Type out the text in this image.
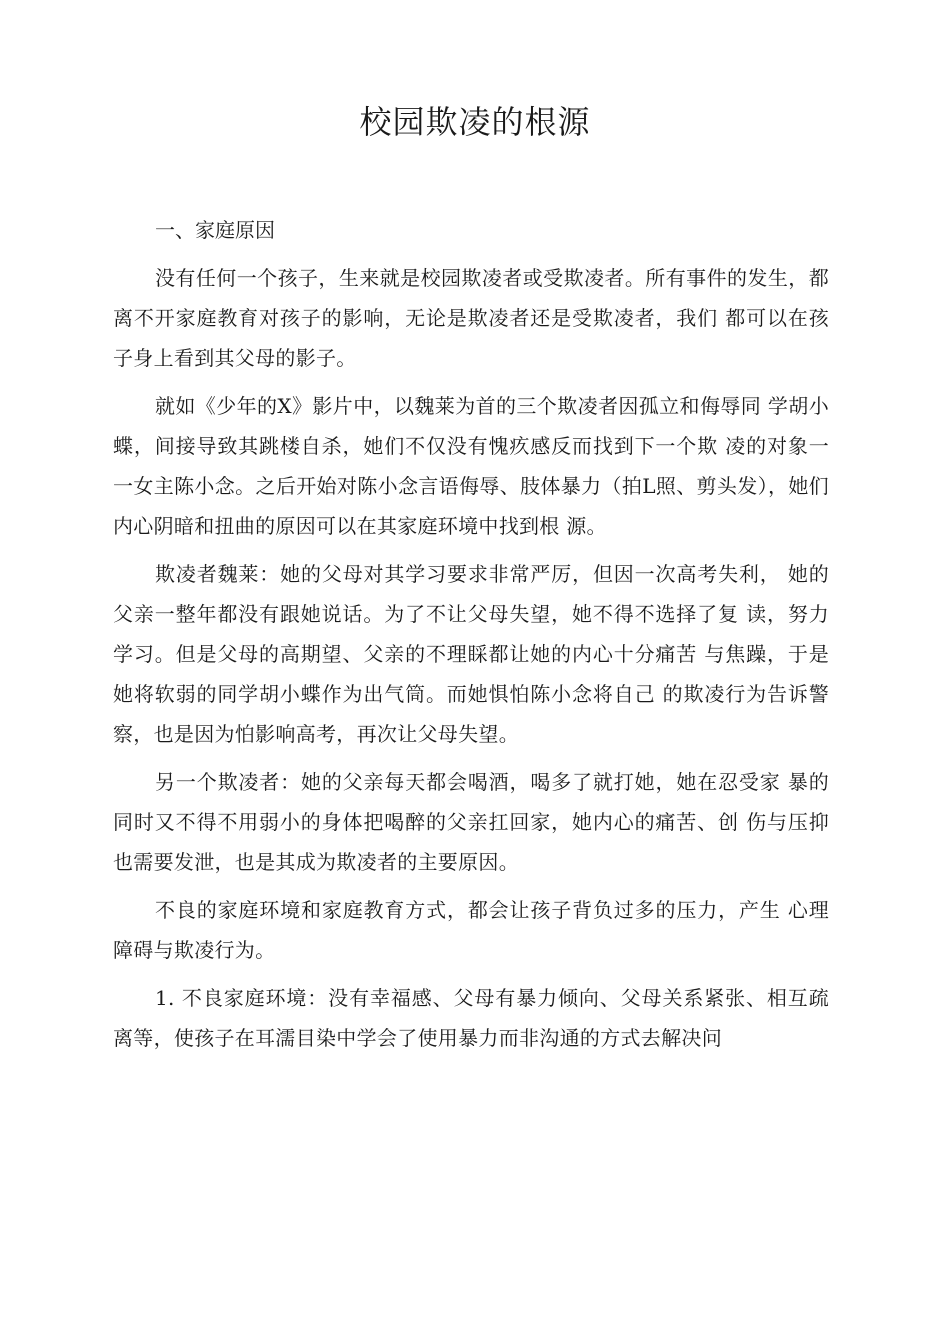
校园欺凌的根源

一、家庭原因

没有任何一个孩子，生来就是校园欺凌者或受欺凌者。所有事件的发生，都离不开家庭教育对孩子的影响，无论是欺凌者还是受欺凌者，我们 都可以在孩子身上看到其父母的影子。

就如《少年的X》影片中，以魏莱为首的三个欺凌者因孤立和侮辱同 学胡小蝶，间接导致其跳楼自杀，她们不仅没有愧疚感反而找到下一个欺 凌的对象一一女主陈小念。之后开始对陈小念言语侮辱、肢体暴力（拍L照、剪头发），她们内心阴暗和扭曲的原因可以在其家庭环境中找到根 源。

欺凌者魏莱：她的父母对其学习要求非常严厉，但因一次高考失利， 她的父亲一整年都没有跟她说话。为了不让父母失望，她不得不选择了复 读，努力学习。但是父母的高期望、父亲的不理睬都让她的内心十分痛苦 与焦躁，于是她将软弱的同学胡小蝶作为出气筒。而她惧怕陈小念将自己 的欺凌行为告诉警察，也是因为怕影响高考，再次让父母失望。

另一个欺凌者：她的父亲每天都会喝酒，喝多了就打她，她在忍受家 暴的同时又不得不用弱小的身体把喝醉的父亲扛回家，她内心的痛苦、创 伤与压抑也需要发泄，也是其成为欺凌者的主要原因。

不良的家庭环境和家庭教育方式，都会让孩子背负过多的压力，产生 心理障碍与欺凌行为。

1. 不良家庭环境：没有幸福感、父母有暴力倾向、父母关系紧张、相互疏离等，使孩子在耳濡目染中学会了使用暴力而非沟通的方式去解决问
